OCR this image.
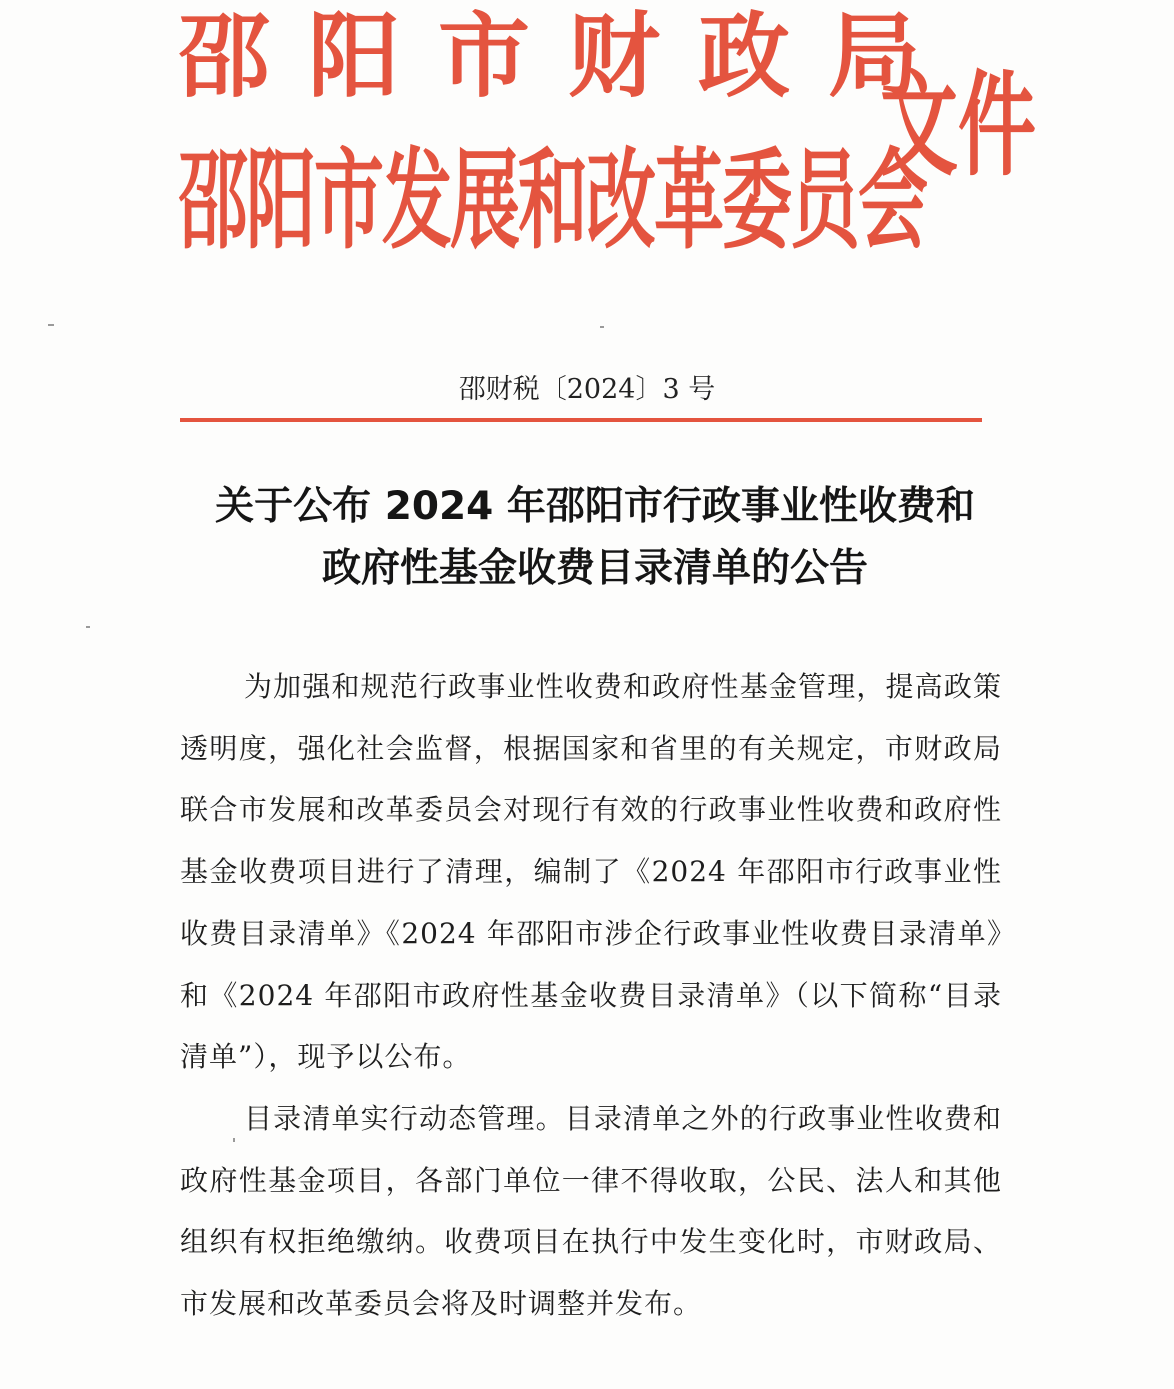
邵阳市财政局
邵阳市发展和改革委员会
文件
邵财税〔2024〕3 号
关于公布 2024 年邵阳市行政事业性收费和
政府性基金收费目录清单的公告

为加强和规范行政事业性收费和政府性基金管理，提高政策透明度，强化社会监督，根据国家和省里的有关规定，市财政局联合市发展和改革委员会对现行有效的行政事业性收费和政府性基金收费项目进行了清理，编制了《2024 年邵阳市行政事业性收费目录清单》《2024 年邵阳市涉企行政事业性收费目录清单》和《2024 年邵阳市政府性基金收费目录清单》（以下简称“目录清单”），现予以公布。

目录清单实行动态管理。目录清单之外的行政事业性收费和政府性基金项目，各部门单位一律不得收取，公民、法人和其他组织有权拒绝缴纳。收费项目在执行中发生变化时，市财政局、市发展和改革委员会将及时调整并发布。
